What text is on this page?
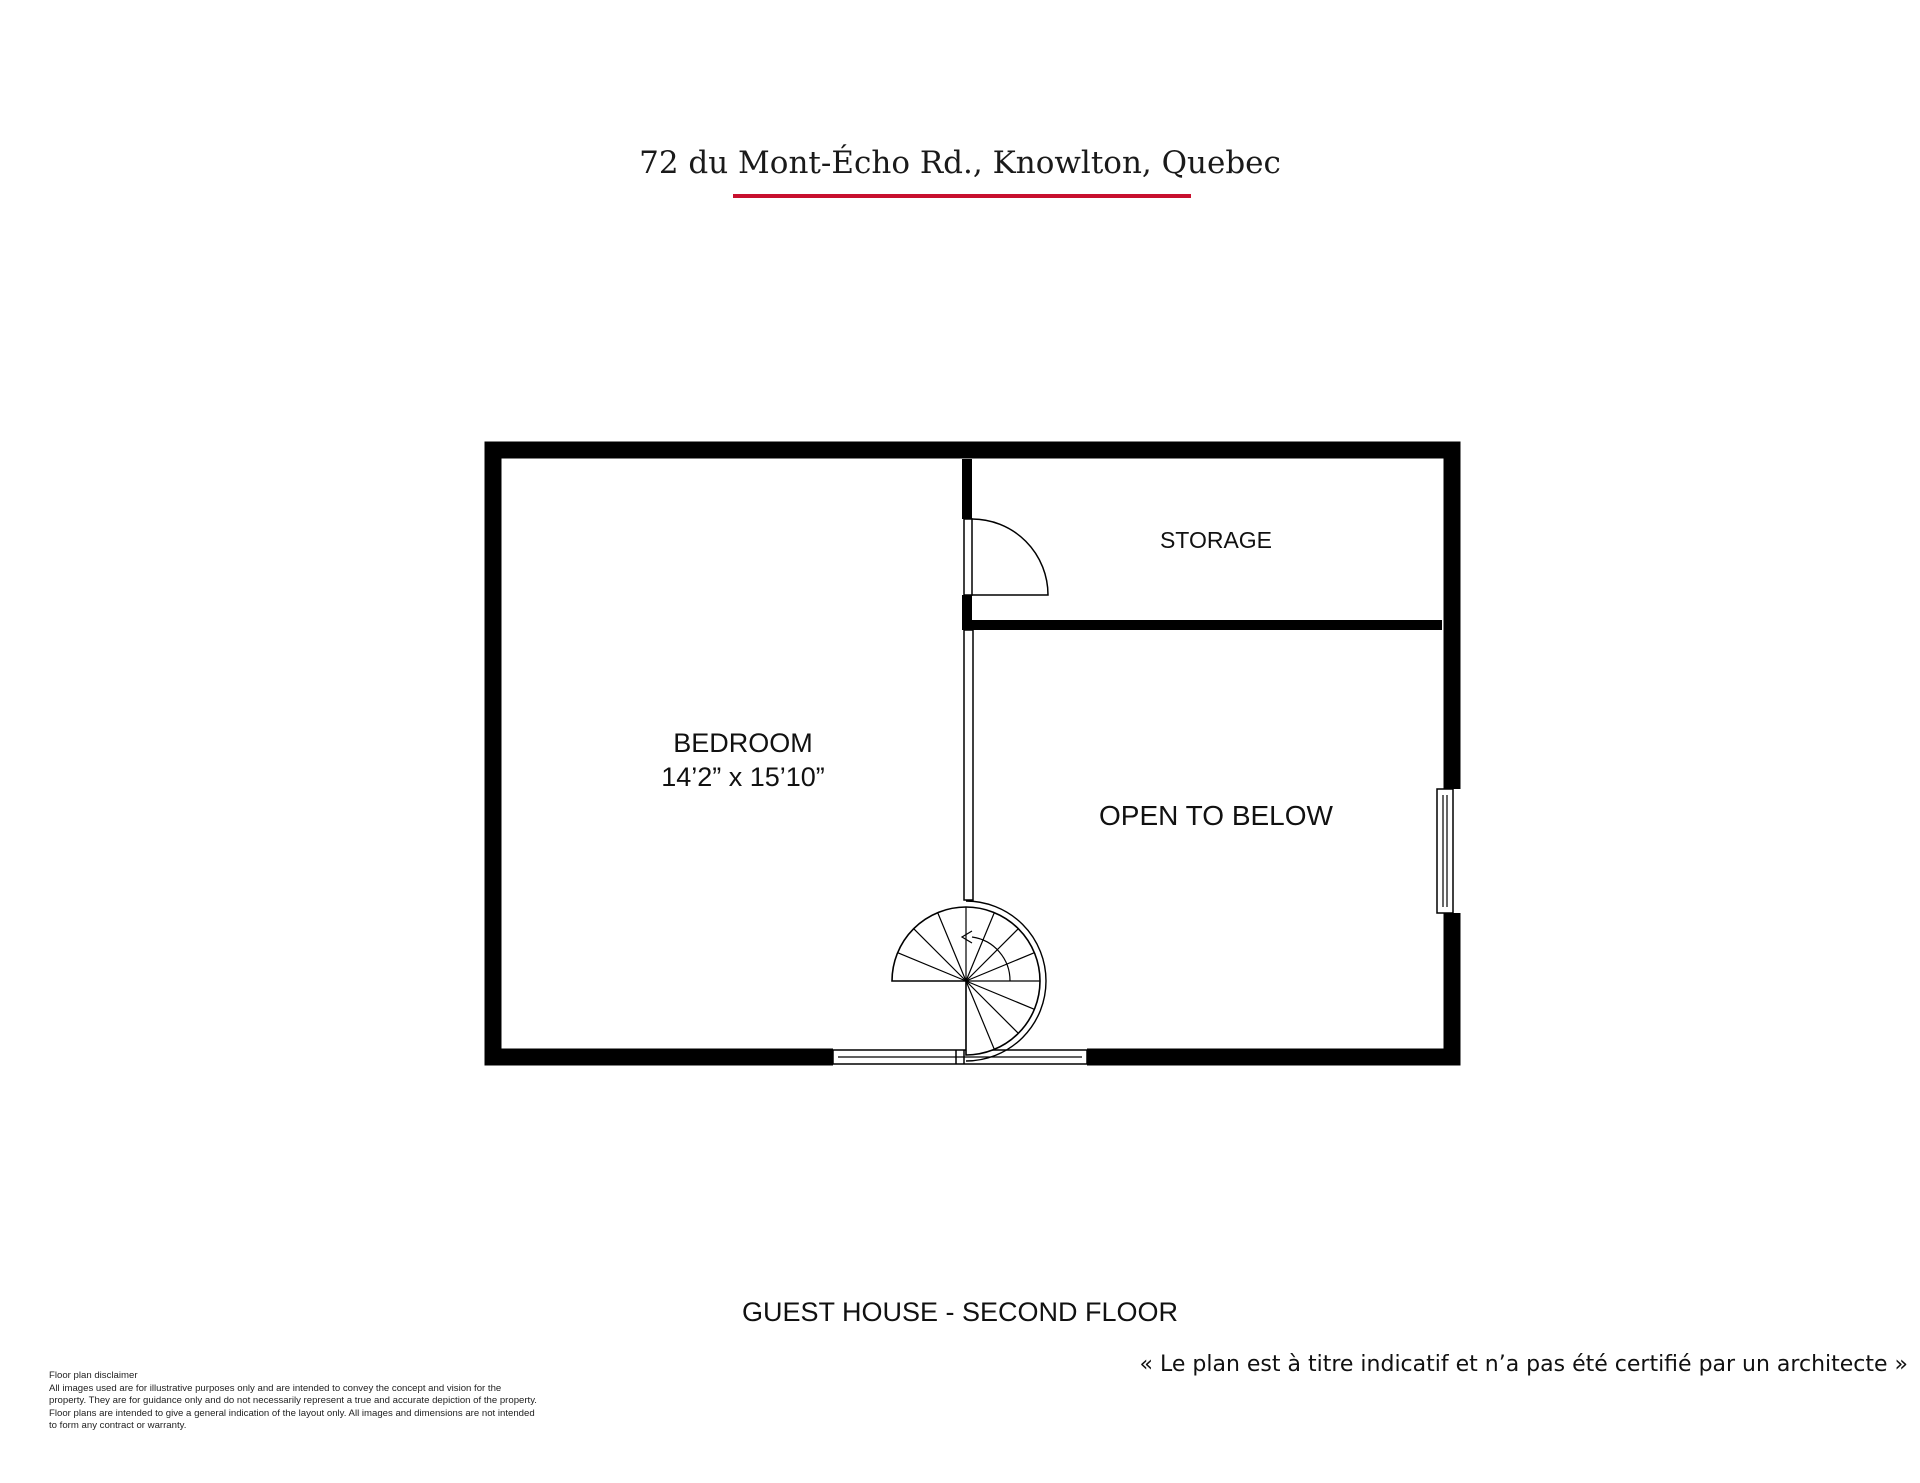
72 du Mont-Écho Rd., Knowlton, Quebec
BEDROOM
14’2” x 15’10”
STORAGE
OPEN TO BELOW
GUEST HOUSE - SECOND FLOOR
« Le plan est à titre indicatif et n’a pas été certifié par un architecte »
Floor plan disclaimer
All images used are for illustrative purposes only and are intended to convey the concept and vision for the property. They are for guidance only and do not necessarily represent a true and accurate depiction of the property. Floor plans are intended to give a general indication of the layout only. All images and dimensions are not intended to form any contract or warranty.
